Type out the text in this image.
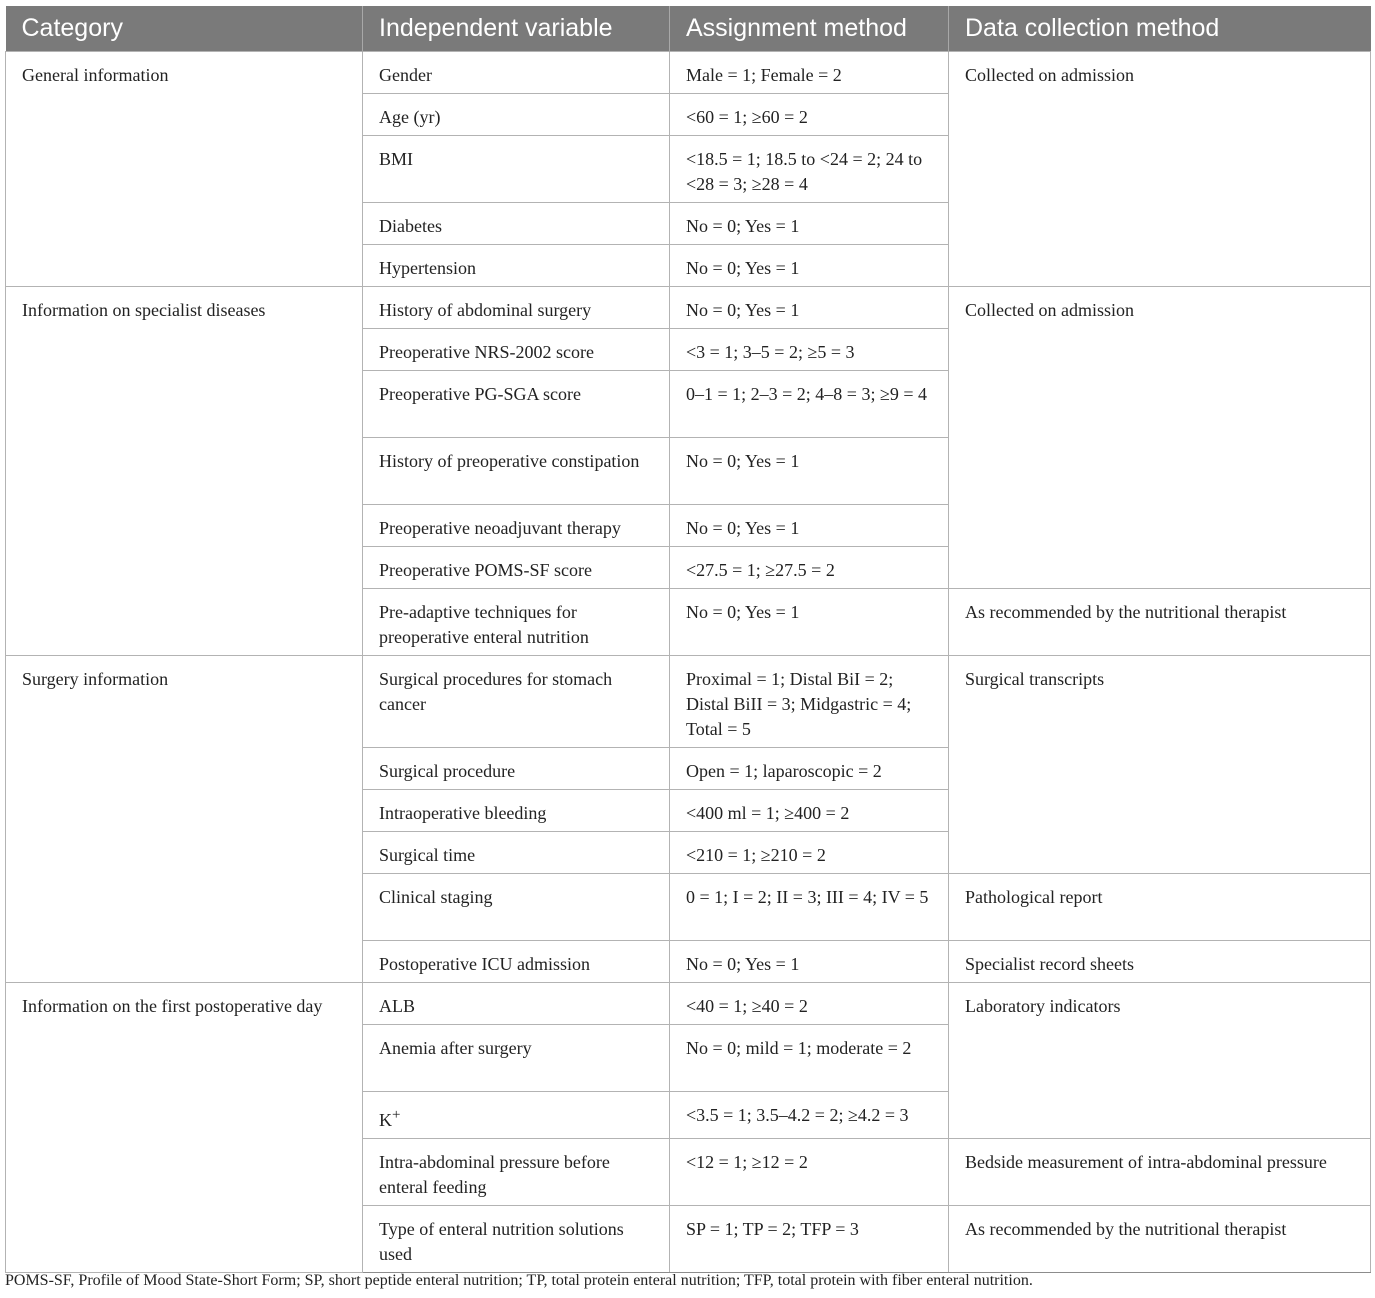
Category	Independent variable	Assignment method	Data collection method
General information	Gender	Male = 1; Female = 2	Collected on admission
	Age (yr)	<60 = 1; ≥60 = 2	
	BMI	<18.5 = 1; 18.5 to <24 = 2; 24 to <28 = 3; ≥28 = 4	
	Diabetes	No = 0; Yes = 1	
	Hypertension	No = 0; Yes = 1	
Information on specialist diseases	History of abdominal surgery	No = 0; Yes = 1	Collected on admission
	Preoperative NRS-2002 score	<3 = 1; 3–5 = 2; ≥5 = 3	
	Preoperative PG-SGA score	0–1 = 1; 2–3 = 2; 4–8 = 3; ≥9 = 4	
	History of preoperative constipation	No = 0; Yes = 1	
	Preoperative neoadjuvant therapy	No = 0; Yes = 1	
	Preoperative POMS-SF score	<27.5 = 1; ≥27.5 = 2	
	Pre-adaptive techniques for preoperative enteral nutrition	No = 0; Yes = 1	As recommended by the nutritional therapist
Surgery information	Surgical procedures for stomach cancer	Proximal = 1; Distal BiI = 2; Distal BiII = 3; Midgastric = 4; Total = 5	Surgical transcripts
	Surgical procedure	Open = 1; laparoscopic = 2	
	Intraoperative bleeding	<400 ml = 1; ≥400 = 2	
	Surgical time	<210 = 1; ≥210 = 2	
	Clinical staging	0 = 1; I = 2; II = 3; III = 4; IV = 5	Pathological report
	Postoperative ICU admission	No = 0; Yes = 1	Specialist record sheets
Information on the first postoperative day	ALB	<40 = 1; ≥40 = 2	Laboratory indicators
	Anemia after surgery	No = 0; mild = 1; moderate = 2	
	K+	<3.5 = 1; 3.5–4.2 = 2; ≥4.2 = 3	
	Intra-abdominal pressure before enteral feeding	<12 = 1; ≥12 = 2	Bedside measurement of intra-abdominal pressure
	Type of enteral nutrition solutions used	SP = 1; TP = 2; TFP = 3	As recommended by the nutritional therapist
POMS-SF, Profile of Mood State-Short Form; SP, short peptide enteral nutrition; TP, total protein enteral nutrition; TFP, total protein with fiber enteral nutrition.
